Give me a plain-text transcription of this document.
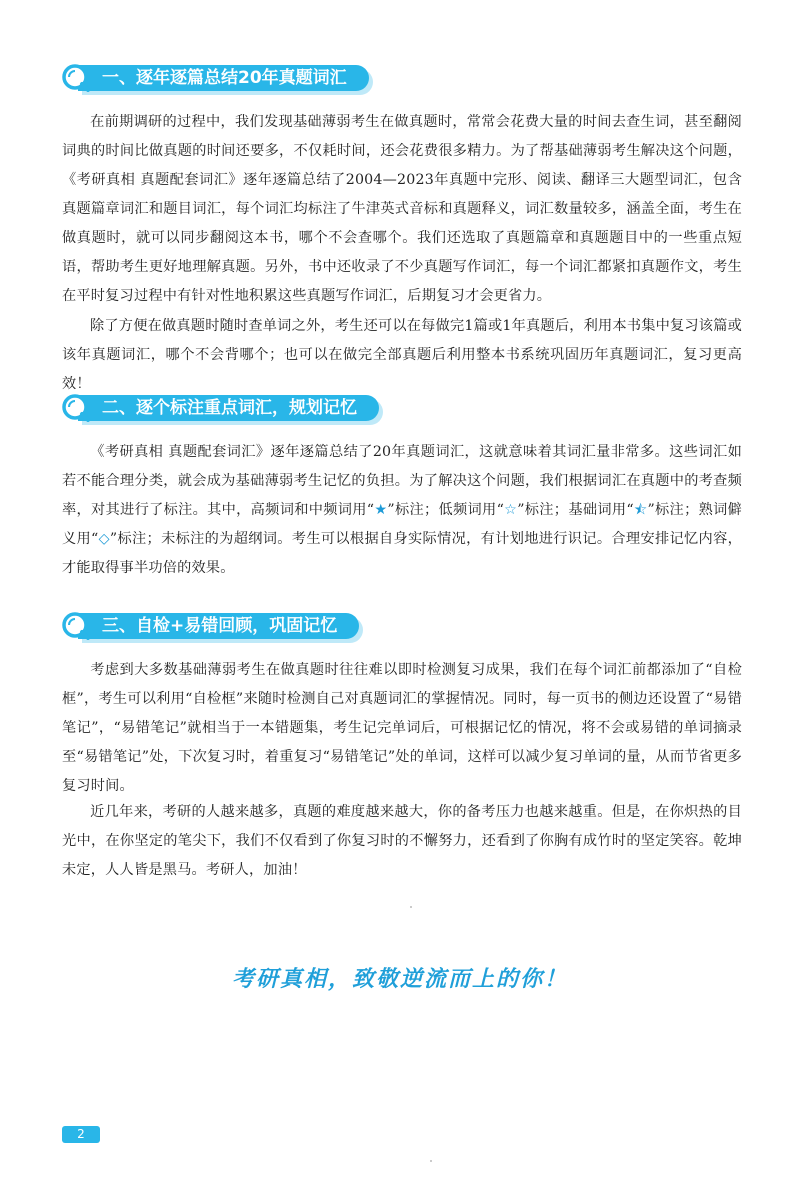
一、逐年逐篇总结20年真题词汇

在前期调研的过程中，我们发现基础薄弱考生在做真题时，常常会花费大量的时间去查生词，甚至翻阅词典的时间比做真题的时间还要多，不仅耗时间，还会花费很多精力。为了帮基础薄弱考生解决这个问题，《考研真相 真题配套词汇》逐年逐篇总结了2004—2023年真题中完形、阅读、翻译三大题型词汇，包含真题篇章词汇和题目词汇，每个词汇均标注了牛津英式音标和真题释义，词汇数量较多，涵盖全面，考生在做真题时，就可以同步翻阅这本书，哪个不会查哪个。我们还选取了真题篇章和真题题目中的一些重点短语，帮助考生更好地理解真题。另外，书中还收录了不少真题写作词汇，每一个词汇都紧扣真题作文，考生在平时复习过程中有针对性地积累这些真题写作词汇，后期复习才会更省力。

除了方便在做真题时随时查单词之外，考生还可以在每做完1篇或1年真题后，利用本书集中复习该篇或该年真题词汇，哪个不会背哪个；也可以在做完全部真题后利用整本书系统巩固历年真题词汇，复习更高效！

二、逐个标注重点词汇，规划记忆

《考研真相 真题配套词汇》逐年逐篇总结了20年真题词汇，这就意味着其词汇量非常多。这些词汇如若不能合理分类，就会成为基础薄弱考生记忆的负担。为了解决这个问题，我们根据词汇在真题中的考查频率，对其进行了标注。其中，高频词和中频词用“★”标注；低频词用“☆”标注；基础词用“⯪”标注；熟词僻义用“◇”标注；未标注的为超纲词。考生可以根据自身实际情况，有计划地进行识记。合理安排记忆内容，才能取得事半功倍的效果。

三、自检+易错回顾，巩固记忆

考虑到大多数基础薄弱考生在做真题时往往难以即时检测复习成果，我们在每个词汇前都添加了“自检框”，考生可以利用“自检框”来随时检测自己对真题词汇的掌握情况。同时，每一页书的侧边还设置了“易错笔记”，“易错笔记”就相当于一本错题集，考生记完单词后，可根据记忆的情况，将不会或易错的单词摘录至“易错笔记”处，下次复习时，着重复习“易错笔记”处的单词，这样可以减少复习单词的量，从而节省更多复习时间。

近几年来，考研的人越来越多，真题的难度越来越大，你的备考压力也越来越重。但是，在你炽热的目光中，在你坚定的笔尖下，我们不仅看到了你复习时的不懈努力，还看到了你胸有成竹时的坚定笑容。乾坤未定，人人皆是黑马。考研人，加油！

考研真相，致敬逆流而上的你！
2
